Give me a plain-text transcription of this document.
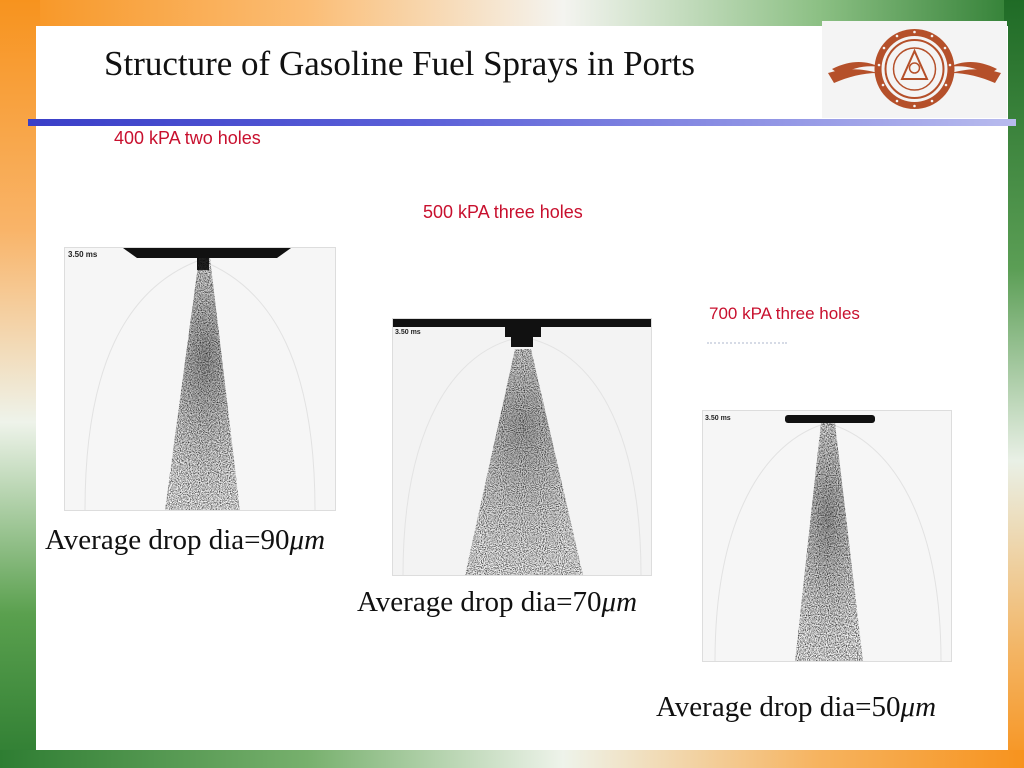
Structure of Gasoline Fuel Sprays in Ports
400 kPA two holes
3.50 ms
Average drop dia=90μm
500 kPA three holes
3.50 ms
Average drop dia=70μm
700 kPA three holes
3.50 ms
Average drop dia=50μm
